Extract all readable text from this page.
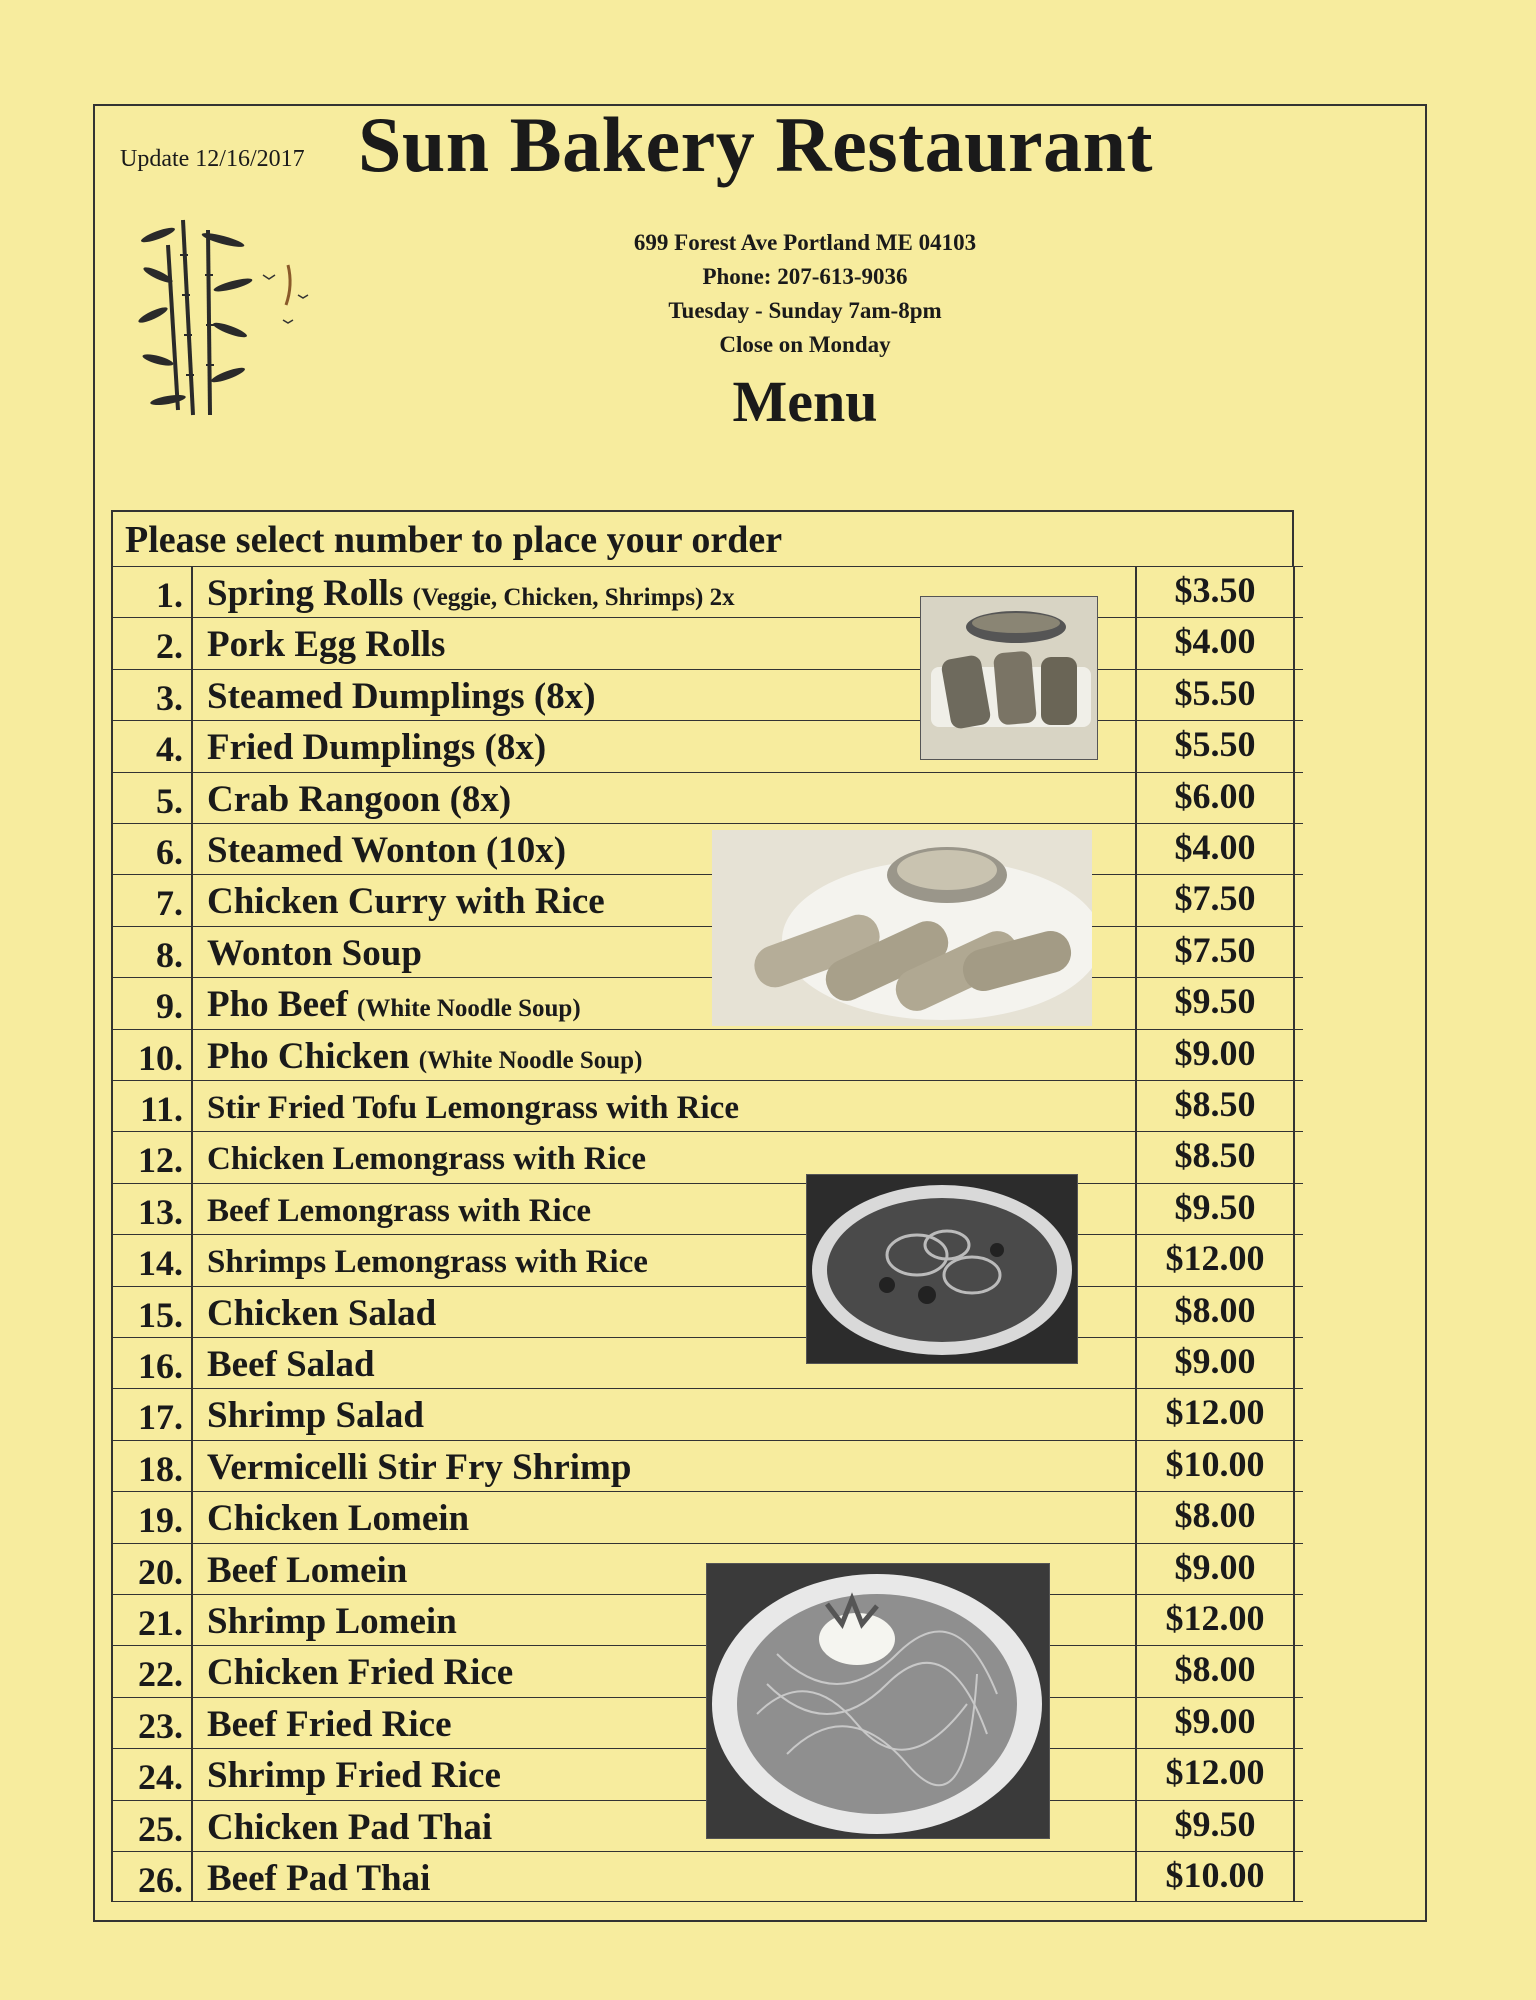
Update 12/16/2017 Sun Bakery Restaurant
699 Forest Ave Portland ME 04103
Phone: 207-613-9036
Tuesday - Sunday 7am-8pm
Close on Monday
Menu
Please select number to place your order
1. Spring Rolls (Veggie, Chicken, Shrimps) 2x	$3.50
2. Pork Egg Rolls	$4.00
3. Steamed Dumplings (8x)	$5.50
4. Fried Dumplings (8x)	$5.50
5. Crab Rangoon (8x)	$6.00
6. Steamed Wonton (10x)	$4.00
7. Chicken Curry with Rice	$7.50
8. Wonton Soup	$7.50
9. Pho Beef (White Noodle Soup)	$9.50
10. Pho Chicken (White Noodle Soup)	$9.00
11. Stir Fried Tofu Lemongrass with Rice	$8.50
12. Chicken Lemongrass with Rice	$8.50
13. Beef Lemongrass with Rice	$9.50
14. Shrimps Lemongrass with Rice	$12.00
15. Chicken Salad	$8.00
16. Beef Salad	$9.00
17. Shrimp Salad	$12.00
18. Vermicelli Stir Fry Shrimp	$10.00
19. Chicken Lomein	$8.00
20. Beef Lomein	$9.00
21. Shrimp Lomein	$12.00
22. Chicken Fried Rice	$8.00
23. Beef Fried Rice	$9.00
24. Shrimp Fried Rice	$12.00
25. Chicken Pad Thai	$9.50
26. Beef Pad Thai	$10.00
